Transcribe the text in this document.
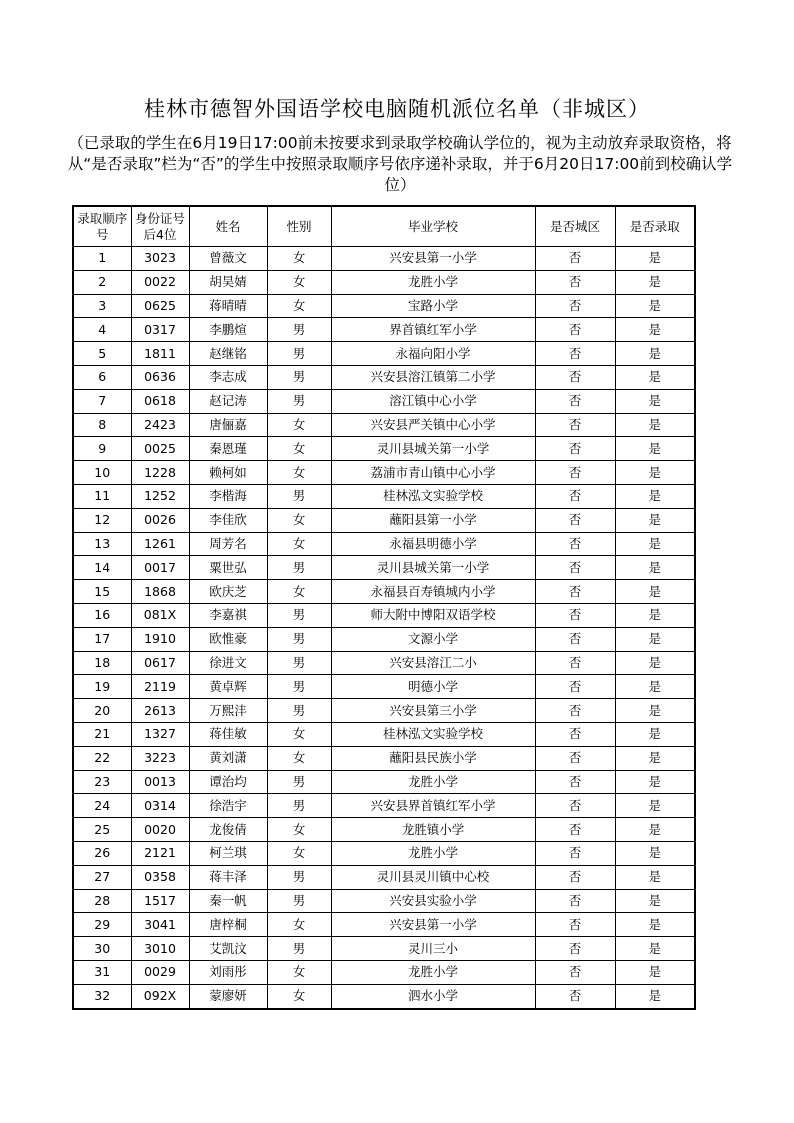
桂林市德智外国语学校电脑随机派位名单（非城区）
（已录取的学生在6月19日17:00前未按要求到录取学校确认学位的，视为主动放弃录取资格，将从“是否录取”栏为“否”的学生中按照录取顺序号依序递补录取，并于6月20日17:00前到校确认学位）
录取顺序号	身份证号后4位	姓名	性别	毕业学校	是否城区	是否录取
1	3023	曾薇文	女	兴安县第一小学	否	是
2	0022	胡昊婧	女	龙胜小学	否	是
3	0625	蒋晴晴	女	宝路小学	否	是
4	0317	李鹏煊	男	界首镇红军小学	否	是
5	1811	赵继铭	男	永福向阳小学	否	是
6	0636	李志成	男	兴安县溶江镇第二小学	否	是
7	0618	赵记涛	男	溶江镇中心小学	否	是
8	2423	唐俪嘉	女	兴安县严关镇中心小学	否	是
9	0025	秦恩瑾	女	灵川县城关第一小学	否	是
10	1228	赖柯如	女	荔浦市青山镇中心小学	否	是
11	1252	李楷海	男	桂林泓文实验学校	否	是
12	0026	李佳欣	女	蘸阳县第一小学	否	是
13	1261	周芳名	女	永福县明德小学	否	是
14	0017	粟世弘	男	灵川县城关第一小学	否	是
15	1868	欧庆芝	女	永福县百寿镇城内小学	否	是
16	081X	李嘉祺	男	师大附中博阳双语学校	否	是
17	1910	欧惟豪	男	文源小学	否	是
18	0617	徐进文	男	兴安县溶江二小	否	是
19	2119	黄卓辉	男	明德小学	否	是
20	2613	万熙沣	男	兴安县第三小学	否	是
21	1327	蒋佳敏	女	桂林泓文实验学校	否	是
22	3223	黄刘潇	女	蘸阳县民族小学	否	是
23	0013	谭治均	男	龙胜小学	否	是
24	0314	徐浩宇	男	兴安县界首镇红军小学	否	是
25	0020	龙俊倩	女	龙胜镇小学	否	是
26	2121	柯兰琪	女	龙胜小学	否	是
27	0358	蒋丰泽	男	灵川县灵川镇中心校	否	是
28	1517	秦一帆	男	兴安县实验小学	否	是
29	3041	唐梓桐	女	兴安县第一小学	否	是
30	3010	艾凯汶	男	灵川三小	否	是
31	0029	刘雨彤	女	龙胜小学	否	是
32	092X	蒙廖妍	女	泗水小学	否	是
